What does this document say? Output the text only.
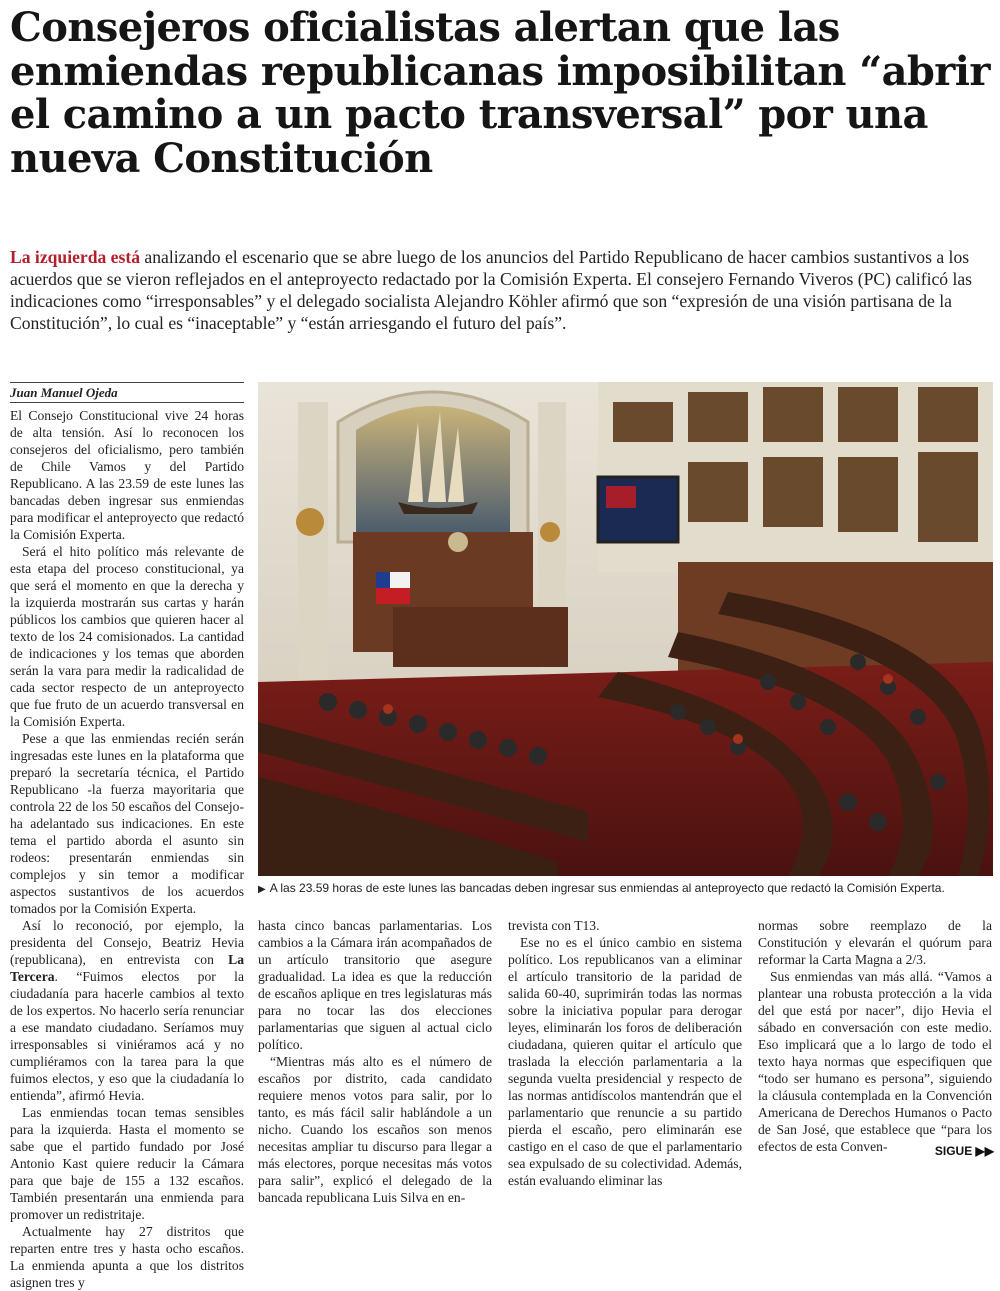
Consejeros oficialistas alertan que las enmiendas republicanas imposibilitan “abrir el camino a un pacto transversal” por una nueva Constitución

La izquierda está analizando el escenario que se abre luego de los anuncios del Partido Republicano de hacer cambios sustantivos a los acuerdos que se vieron reflejados en el anteproyecto redactado por la Comisión Experta. El consejero Fernando Viveros (PC) calificó las indicaciones como “irresponsables” y el delegado socialista Alejandro Köhler afirmó que son “expresión de una visión partisana de la Constitución”, lo cual es “inaceptable” y “están arriesgando el futuro del país”.

Juan Manuel Ojeda

El Consejo Constitucional vive 24 horas de alta tensión. Así lo reconocen los consejeros del oficialismo, pero también de Chile Vamos y del Partido Republicano. A las 23.59 de este lunes las bancadas deben ingresar sus enmiendas para modificar el anteproyecto que redactó la Comisión Experta.

Será el hito político más relevante de esta etapa del proceso constitucional, ya que será el momento en que la derecha y la izquierda mostrarán sus cartas y harán públicos los cambios que quieren hacer al texto de los 24 comisionados. La cantidad de indicaciones y los temas que aborden serán la vara para medir la radicalidad de cada sector respecto de un anteproyecto que fue fruto de un acuerdo transversal en la Comisión Experta.

Pese a que las enmiendas recién serán ingresadas este lunes en la plataforma que preparó la secretaría técnica, el Partido Republicano -la fuerza mayoritaria que controla 22 de los 50 escaños del Consejo- ha adelantado sus indicaciones. En este tema el partido aborda el asunto sin rodeos: presentarán enmiendas sin complejos y sin temor a modificar aspectos sustantivos de los acuerdos tomados por la Comisión Experta.

Así lo reconoció, por ejemplo, la presidenta del Consejo, Beatriz Hevia (republicana), en entrevista con La Tercera. “Fuimos electos por la ciudadanía para hacerle cambios al texto de los expertos. No hacerlo sería renunciar a ese mandato ciudadano. Seríamos muy irresponsables si viniéramos acá y no cumpliéramos con la tarea para la que fuimos electos, y eso que la ciudadanía lo entienda”, afirmó Hevia.

Las enmiendas tocan temas sensibles para la izquierda. Hasta el momento se sabe que el partido fundado por José Antonio Kast quiere reducir la Cámara para que baje de 155 a 132 escaños. También presentarán una enmienda para promover un redistritaje.

Actualmente hay 27 distritos que reparten entre tres y hasta ocho escaños. La enmienda apunta a que los distritos asignen tres y

▶ A las 23.59 horas de este lunes las bancadas deben ingresar sus enmiendas al anteproyecto que redactó la Comisión Experta.

hasta cinco bancas parlamentarias. Los cambios a la Cámara irán acompañados de un artículo transitorio que asegure gradualidad. La idea es que la reducción de escaños aplique en tres legislaturas más para no tocar las dos elecciones parlamentarias que siguen al actual ciclo político.

“Mientras más alto es el número de escaños por distrito, cada candidato requiere menos votos para salir, por lo tanto, es más fácil salir hablándole a un nicho. Cuando los escaños son menos necesitas ampliar tu discurso para llegar a más electores, porque necesitas más votos para salir”, explicó el delegado de la bancada republicana Luis Silva en en-

trevista con T13.

Ese no es el único cambio en sistema político. Los republicanos van a eliminar el artículo transitorio de la paridad de salida 60-40, suprimirán todas las normas sobre la iniciativa popular para derogar leyes, eliminarán los foros de deliberación ciudadana, quieren quitar el artículo que traslada la elección parlamentaria a la segunda vuelta presidencial y respecto de las normas antidíscolos mantendrán que el parlamentario que renuncie a su partido pierda el escaño, pero eliminarán ese castigo en el caso de que el parlamentario sea expulsado de su colectividad. Además, están evaluando eliminar las

normas sobre reemplazo de la Constitución y elevarán el quórum para reformar la Carta Magna a 2/3.

Sus enmiendas van más allá. “Vamos a plantear una robusta protección a la vida del que está por nacer”, dijo Hevia el sábado en conversación con este medio. Eso implicará que a lo largo de todo el texto haya normas que especifiquen que “todo ser humano es persona”, siguiendo la cláusula contemplada en la Convención Americana de Derechos Humanos o Pacto de San José, que establece que “para los efectos de esta Conven-	SIGUE ▶▶
